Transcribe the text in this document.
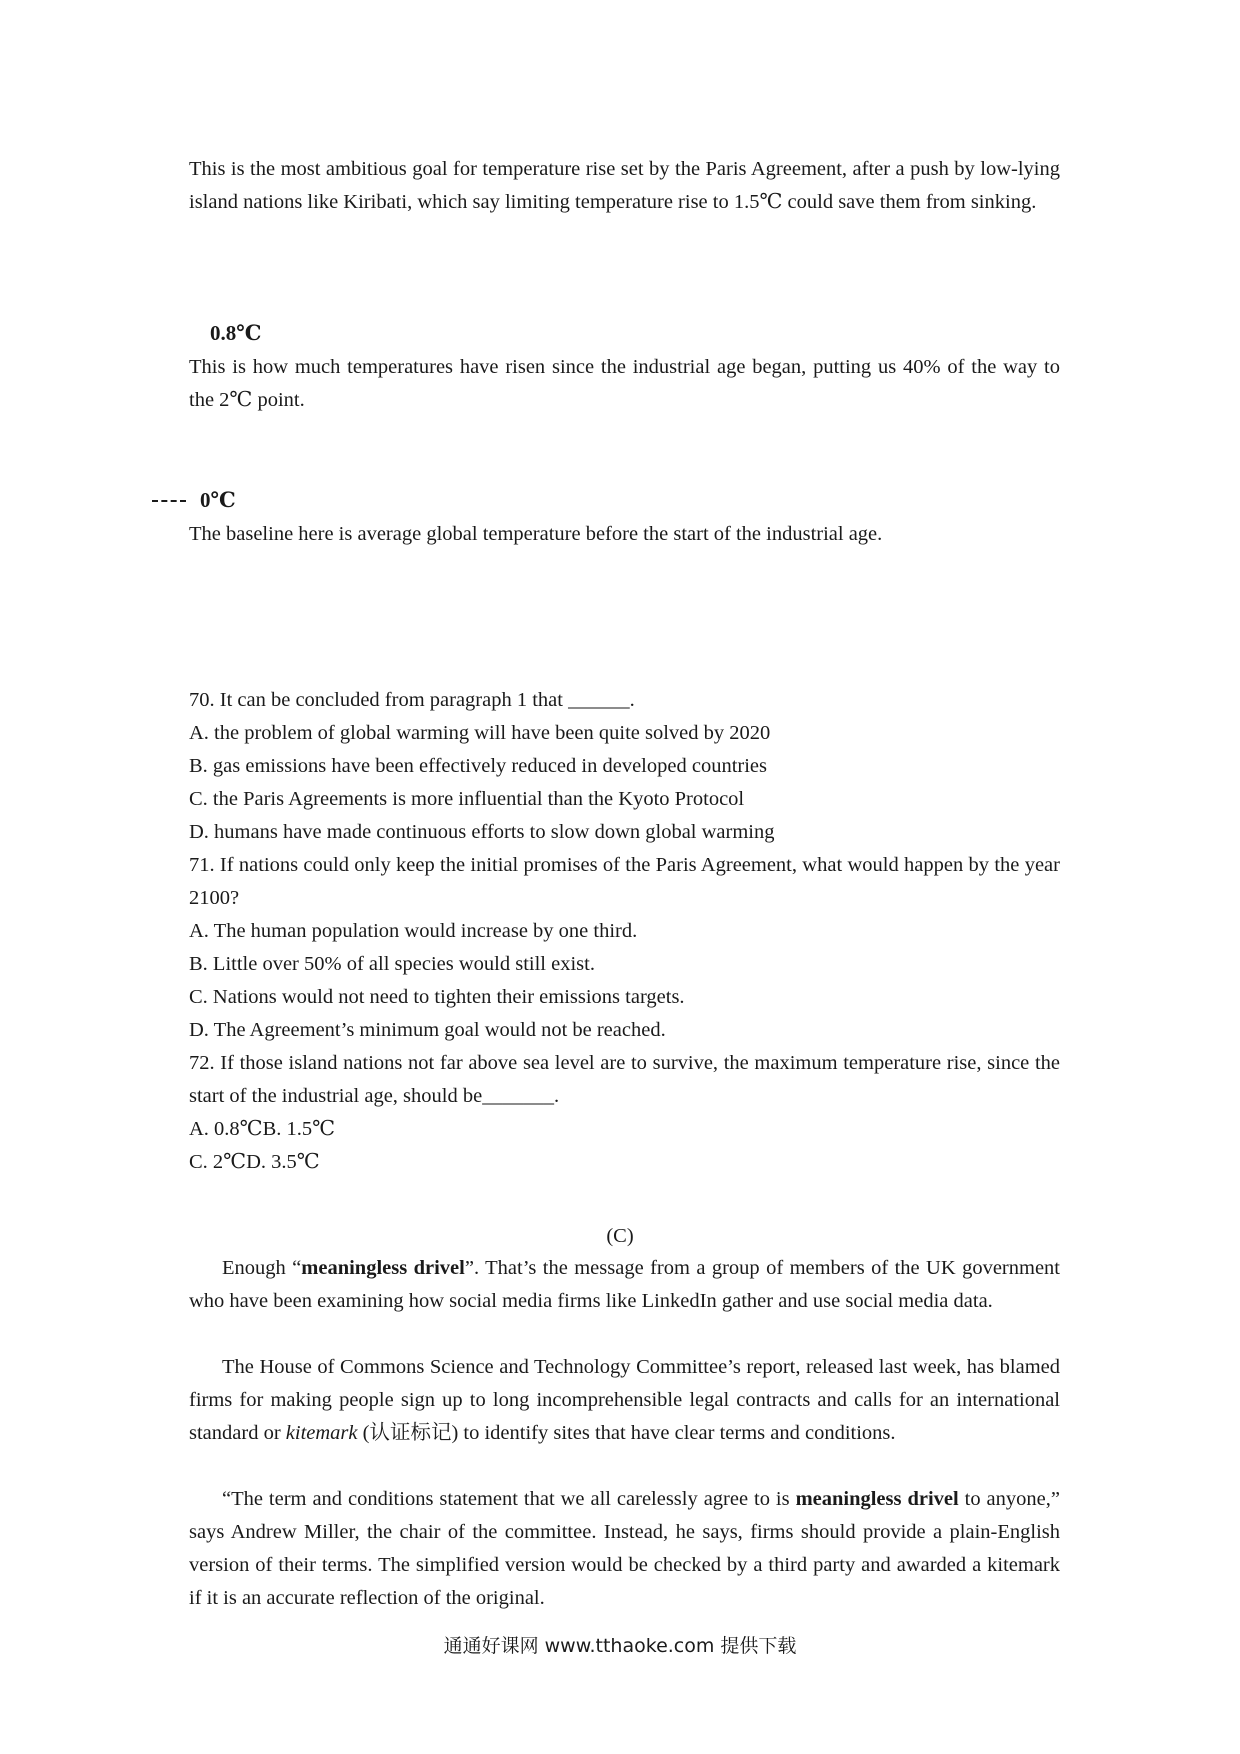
This is the most ambitious goal for temperature rise set by the Paris Agreement, after a push by low-lying island nations like Kiribati, which say limiting temperature rise to 1.5℃ could save them from sinking.
0.8℃
This is how much temperatures have risen since the industrial age began, putting us 40% of the way to the 2℃ point.
0℃
The baseline here is average global temperature before the start of the industrial age.
70. It can be concluded from paragraph 1 that ______.
A. the problem of global warming will have been quite solved by 2020
B. gas emissions have been effectively reduced in developed countries
C. the Paris Agreements is more influential than the Kyoto Protocol
D. humans have made continuous efforts to slow down global warming
71. If nations could only keep the initial promises of the Paris Agreement, what would happen by the year 2100?
A. The human population would increase by one third.
B. Little over 50% of all species would still exist.
C. Nations would not need to tighten their emissions targets.
D. The Agreement’s minimum goal would not be reached.
72. If those island nations not far above sea level are to survive, the maximum temperature rise, since the start of the industrial age, should be_______.
A. 0.8℃B. 1.5℃
C. 2℃D. 3.5℃
(C)
Enough “meaningless drivel”. That’s the message from a group of members of the UK government who have been examining how social media firms like LinkedIn gather and use social media data.
The House of Commons Science and Technology Committee’s report, released last week, has blamed firms for making people sign up to long incomprehensible legal contracts and calls for an international standard or kitemark (认证标记) to identify sites that have clear terms and conditions.
“The term and conditions statement that we all carelessly agree to is meaningless drivel to anyone,” says Andrew Miller, the chair of the committee. Instead, he says, firms should provide a plain-English version of their terms. The simplified version would be checked by a third party and awarded a kitemark if it is an accurate reflection of the original.
通通好课网 www.tthaoke.com 提供下载
